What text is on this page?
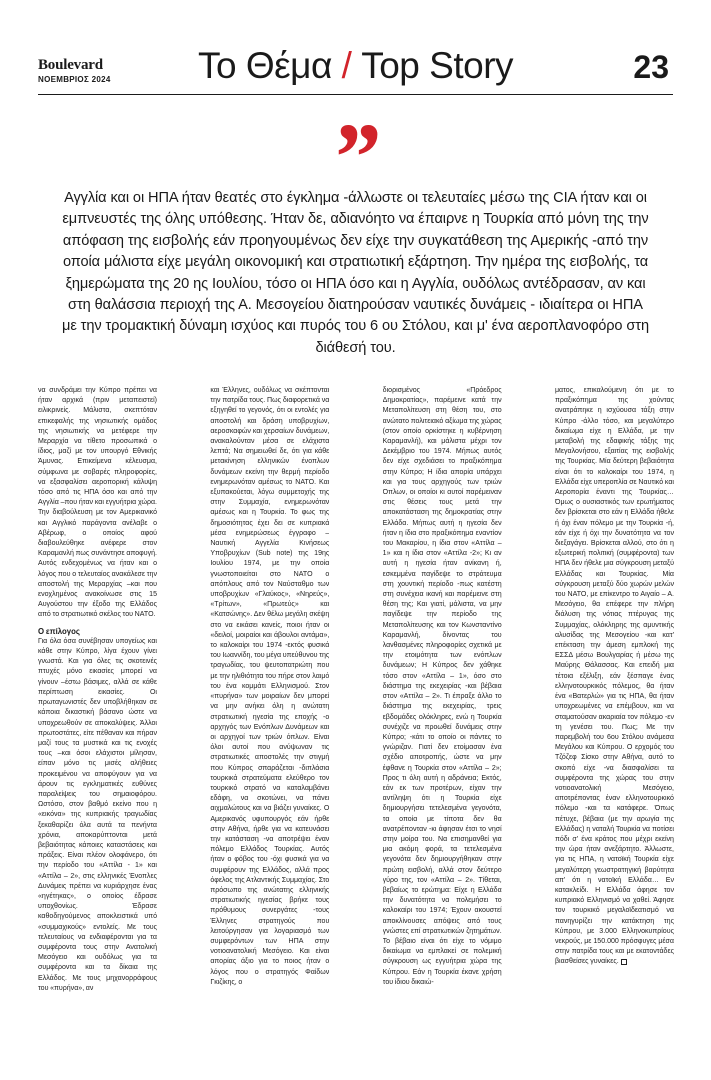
Boulevard
ΝΟΕΜΒΡΙΟΣ 2024	Το Θέμα / Top Story	23
”
Αγγλία και οι ΗΠΑ ήταν θεατές στο έγκλημα -άλλωστε οι τελευταίες μέσω της CIA ήταν και οι εμπνευστές της όλης υπόθεσης. Ήταν δε, αδιανόητο να έπαιρνε η Τουρκία από μόνη της την απόφαση της εισβολής εάν προηγουμένως δεν είχε την συγκατάθεση της Αμερικής -από την οποία μάλιστα είχε μεγάλη οικονομική και στρατιωτική εξάρτηση. Την ημέρα της εισβολής, τα ξημερώματα της 20 ης Ιουλίου, τόσο οι ΗΠΑ όσο και η Αγγλία, ουδόλως αντέδρασαν, αν και στη θαλάσσια περιοχή της Α. Μεσογείου διατηρούσαν ναυτικές δυνάμεις - ιδιαίτερα οι ΗΠΑ με την τρομακτική δύναμη ισχύος και πυρός του 6 ου Στόλου, και μ' ένα αεροπλανοφόρο στη διάθεσή του.

να συνδράμει την Κύπρο πρέπει να ήταν αρχικά (πριν μεταπειστεί) ειλικρινείς. Μάλιστα, σκεπτόταν επικεφαλής της νησιωτικής ομάδος της νησιωτικής να μετέφερε την Μεραρχία να τίθετο προσωπικά ο ίδιος, μαζί με τον υπουργό Εθνικής Άμυνας. Επικείμενα κέλευσμα, σύμφωνα με σοβαρές πληροφορίες, να εξασφαλίσει αεροπορική κάλυψη τόσο από τις ΗΠΑ όσο και από την Αγγλία –που ήταν και εγγυήτρια χώρα. Την διαβούλευση με τον Αμερικανικό και Αγγλικό παράγοντα ανέλαβε ο Αβέρωφ, ο οποίος αφού διαβουλεύθηκε ανέφερε στον Καραμανλή πως συνάντησε αποφυγή. Αυτός ενδεχομένως να ήταν και ο λόγος που ο τελευταίος ανακάλεσε την αποστολή της Μεραρχίας –και που ενοχλημένος ανακοίνωσε στις 15 Αυγούστου την έξοδο της Ελλάδος από το στρατιωτικό σκέλος του ΝΑΤΟ.

Ο επίλογος

Για όλα όσα συνέβησαν υπογείως και κάθε στην Κύπρο, λίγα έχουν γίνει γνωστά. Και για όλες τις σκοτεινές πτυχές μόνο εικασίες μπορεί να γίνουν –έστω βάσιμες, αλλά σε κάθε περίπτωση εικασίες. Οι πρωταγωνιστές δεν υποβλήθηκαν σε κάποια δικαστική βάσανο ώστε να υποχρεωθούν σε αποκαλύψεις. Άλλοι πρωτοστάτες, είτε πέθαναν και πήραν μαζί τους τα μυστικά και τις ενοχές τους –και όσοι ελάχιστοι μίλησαν, είπαν μόνο τις μισές αλήθειες προκειμένου να αποφύγουν για να άρουν τις εγκληματικές ευθύνες παραλείψεις του σημαιοφόρου. Ωστόσο, στον βαθμό εκείνο που η «εικόνα» της κυπριακής τραγωδίας ξεκαθαρίζει όλα αυτά τα πενήντα χρόνια, αποκαρύπτονται μετά βεβαιότητας κάποιες καταστάσεις και πράξεις. Είναι πλέον ολοφάνερο, ότι την περίοδο του «Αττίλα - 1» και «Αττίλα – 2», στις ελληνικές Ένοπλες Δυνάμεις πρέπει να κυριάρχησε ένας «ηγέτηκας», ο οποίος έδρασε υποχθονίως. Έδρασε καθοδηγούμενος αποκλειστικά υπό «συμμαχικούς» εντολείς. Με τους τελευταίους να ενδιαφέρονται για τα συμφέροντα τους στην Ανατολική Μεσόγειο και ουδόλως για τα συμφέροντα και τα δίκαια της Ελλάδος. Με τους μηχανορράφους του «πυρήνα», αν

και Έλληνες, ουδόλως να σκέπτονται την πατρίδα τους. Πως διαφορετικά να εξηγηθεί το γεγονός, ότι οι εντολές για αποστολή και δράση υποβρυχίων, αεροσκαφών και χερσαίων δυνάμεων, ανακαλούνταν μέσα σε ελάχιστα λεπτά; Να σημειωθεί δε, ότι για κάθε μετακίνηση ελληνικών ένοπλων δυνάμεων εκείνη την θερμή περίοδο ενημερωνόταν αμέσως το ΝΑΤΟ. Και εξυπακούεται, λόγω συμμετοχής της στην Συμμαχία, ενημερωνόταν αμέσως και η Τουρκία. Το φως της δημοσιότητας έχει δει σε κυπριακά μέσα ενημερώσεως έγγραφο – Ναυτική Αγγελία Κινήσεως Υποβρυχίων (Sub note) της 19ης Ιουλίου 1974, με την οποία γνωστοποιείται στο ΝΑΤΟ ο απόπλους από τον Ναύσταθμο των υποβρυχίων «Γλαύκος», «Νηρεύς», «Τρίτων», «Πρωτεύς» και «Κατσώνης». Δεν θέλω μεγάλη σκέψη στο να εικάσει κανείς, ποιοι ήταν οι «δειλοί, μοιραίοι και άβουλοι αντάμα», το καλοκαίρι του 1974 -εκτός φυσικά του Ιωαννίδη, του μέγα υπεύθυνου της τραγωδίας, του ψευτοπατριώτη που με την ηλιθιότητα του πήρε στον λαιμό του ένα κομμάτι Ελληνισμού. Στον «πυρήνα» των μοιραίων δεν μπορεί να μην ανήκει όλη η ανώτατη στρατιωτική ηγεσία της εποχής -ο αρχηγός των Ενόπλων Δυνάμεων και οι αρχηγοί των τριών όπλων. Είναι όλοι αυτοί που ανύψωναν τις στρατιωτικές αποστολές την στιγμή που Κύπρος σπαράζεται -διπλάσια τουρκικά στρατεύματα ελεύθερο τον τουρκικό στρατό να καταλαμβάνει εδάφη, να σκοτώνει, να πάνει αιχμαλώτους και να βιάζει γυναίκες. Ο Αμερικανός υφυπουργός εάν ήρθε στην Αθήνα, ήρθε για να κατευνάσει την κατάσταση -να αποτρέψει έναν πόλεμο Ελλάδος Τουρκίας. Αυτός ήταν ο φόβος του -όχι φυσικά για να συμφέρουν της Ελλάδος, αλλά προς όφελος της Ατλαντικής Συμμαχίας. Στο πρόσωπο της ανώτατης ελληνικής στρατιωτικής ηγεσίας βρήκε τους πρόθυμους συνεργάτες -τους Έλληνες στρατηγούς που λειτούργησαν για λογαριασμό των συμφερόντων των ΗΠΑ στην νοτιοανατολική Μεσόγειο. Και είναι απορίας άξιο για το ποιος ήταν ο λόγος που ο στρατηγός Φαίδων Γκιζίκης, ο

διορισμένος «Πρόεδρος Δημοκρατίας», παρέμεινε κατά την Μεταπολίτευση στη θέση του, στο ανώτατο πολιτειακό αξίωμα της χώρας (στον οποίο ορκίστηκε η κυβέρνηση Καραμανλή), και μάλιστα μέχρι τον Δεκέμβριο του 1974. Μήπως αυτός δεν είχε σχεδιάσει το πραξικόπημα στην Κύπρο; Η ίδια απορία υπάρχει και για τους αρχηγούς των τριών Όπλων, οι οποίοι κι αυτοί παρέμειναν στις θέσεις τους μετά την αποκατάσταση της δημοκρατίας στην Ελλάδα. Μήπως αυτή η ηγεσία δεν ήταν η ίδια στο πραξικόπημα εναντίον του Μακαρίου, η ίδια στον «Αττίλα – 1» και η ίδια στον «Αττίλα -2»; Κι αν αυτή η ηγεσία ήταν ανίκανη ή, εσκεμμένα παγίδεψε το στράτευμα στη χουντική περίοδο -πως κατέστη στη συνέχεια ικανή και παρέμεινε στη θέση της; Και γιατί, μάλιστα, να μην παγίδεψε την περίοδο της Μεταπολίτευσης και τον Κωνσταντίνο Καραμανλή, δίνοντας του λανθασμένες πληροφορίες σχετικά με την ετοιμότητα των ενόπλων δυνάμεων; Η Κύπρος δεν χάθηκε τόσο στον «Αττίλα – 1», όσο στο διάστημα της εκεχειρίας -και βέβαια στον «Αττίλα – 2». Τι έπραξε άλλο το διάστημα της εκεχειρίας, τρεις εβδομάδες ολόκληρες, ενώ η Τουρκία συνέχιζε να προωθεί δυνάμεις στην Κύπρο; -κάτι το οποίο οι πάντες το γνώριζαν. Γιατί δεν ετοίμασαν ένα σχέδιο αποτροπής, ώστε να μην έφθανε η Τουρκία στον «Αττίλα – 2»; Προς τι όλη αυτή η αδράνεια; Εκτός, εάν εκ των προτέρων, είχαν την αντίληψη ότι η Τουρκία είχε δημιουργήσει τετελεσμένα γεγονότα, τα οποία με τίποτα δεν θα ανατρέπονταν -κι άφησαν έτσι το νησί στην μοίρα του. Να επισημανθεί για μια ακόμη φορά, τα τετελεσμένα γεγονότα δεν δημιουργήθηκαν στην πρώτη εισβολή, αλλά στον δεύτερο γύρο της, τον «Αττίλα – 2». Τίθεται, βεβαίως το ερώτημα: Είχε η Ελλάδα την δυνατότητα να πολεμήσει το καλοκαίρι του 1974; Έχουν ακουστεί αποκλίνουσες απόψεις από τους γνώστες επί στρατιωτικών ζητημάτων. Το βέβαιο είναι ότι είχε το νόμιμο δικαίωμα να εμπλακεί σε πολεμική σύγκρουση ως εγγυήτρια χώρα της Κύπρου. Εάν η Τουρκία έκανε χρήση του ίδιου δικαιώ-

ματος, επικαλούμενη ότι με το πραξικόπημα της χούντας ανατράπηκε η ισχύουσα τάξη στην Κύπρο -άλλο τόσο, και μεγαλύτερο δικαίωμα είχε η Ελλάδα, με την μεταβολή της εδαφικής τάξης της Μεγαλονήσου, εξαιτίας της εισβολής της Τουρκίας. Μία δεύτερη βεβαιότητα είναι ότι το καλοκαίρι του 1974, η Ελλάδα είχε υπεροπλία σε Ναυτικό και Αεροπορία έναντι της Τουρκίας… Όμως ο ουσιαστικός των ερωτήματος δεν βρίσκεται στο εάν η Ελλάδα ήθελε ή όχι έναν πόλεμο με την Τουρκία -ή, εάν είχε ή όχι την δυνατότητα να τον διεξαγάγει. Βρίσκεται αλλού, στο ότι η εξωτερική πολιτική (συμφέροντα) των ΗΠΑ δεν ήθελε μια σύγκρουση μεταξύ Ελλάδας και Τουρκίας. Μία σύγκρουση μεταξύ δύο χωρών μελών του ΝΑΤΟ, με επίκεντρο το Αιγαίο – Α. Μεσόγειο, θα επέφερε την πλήρη διάλυση της νότιας πτέρυγας της Συμμαχίας, ολόκληρης της αμυντικής αλυσίδας της Μεσογείου -και κατ' επέκταση την άμεση εμπλοκή της ΕΣΣΔ μέσω Βουλγαρίας ή μέσω της Μαύρης Θάλασσας. Και επειδή μια τέτοια εξέλιξη, εάν ξέσπαγε ένας ελληνοτουρκικός πόλεμος, θα ήταν ένα «Βατερλώ» για τις ΗΠΑ, θα ήταν υποχρεωμένες να επέμβουν, και να σταματούσαν ακαριαία τον πόλεμο -εν τη γενέσει του. Πως; Με την παρεμβολή του 6ου Στόλου ανάμεσα Μεγάλου και Κύπρου. Ο ερχομός του Τζόζεφ Σίσκο στην Αθήνα, αυτό το σκοπό είχε -να διασφαλίσει τα συμφέροντα της χώρας του στην νοτιοανατολική Μεσόγειο, αποτρέποντας έναν ελληνοτουρκικό πόλεμο -και τα κατάφερε. Όπως πέτυχε, βέβαια (με την αρωγία της Ελλάδας) η ναταλή Τουρκία να ποτίσει πόδι σ' ένα κράτος που μέχρι εκείνη την ώρα ήταν ανεξάρτητο. Άλλωστε, για τις ΗΠΑ, η νατοϊκή Τουρκία είχε μεγαλύτερη γεωστρατηγική βαρύτητα απ' ότι η νατοϊκή Ελλάδα… Εν κατακλείδι. Η Ελλάδα άφησε τον κυπριακό Ελληνισμό να χαθεί. Άφησε τον τουρκικό μεγαλοϊδεατισμό να πανηγυρίζει την κατάκτηση της Κύπρου, με 3.000 Ελληνοκυπρίους νεκρούς, με 150.000 πρόσφυγες μέσα στην πατρίδα τους και με εκατοντάδες βιασθείσες γυναίκες.
